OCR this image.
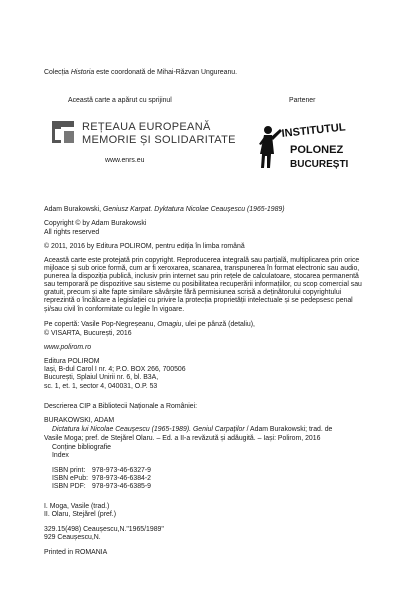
Colecția Historia este coordonată de Mihai-Răzvan Ungureanu.
Această carte a apărut cu sprijinul
REȚEAUA EUROPEANĂ
MEMORIE ȘI SOLIDARITATE
www.enrs.eu
Partener
INSTITUTUL
POLONEZ
BUCUREȘTI
Adam Burakowski, Geniusz Karpat. Dyktatura Nicolae Ceaușescu (1965-1989)
Copyright © by Adam Burakowski
All rights reserved
© 2011, 2016 by Editura POLIROM, pentru ediția în limba română
Această carte este protejată prin copyright. Reproducerea integrală sau parțială, multiplicarea prin orice mijloace și sub orice formă, cum ar fi xeroxarea, scanarea, transpunerea în format electronic sau audio, punerea la dispoziția publică, inclusiv prin internet sau prin rețele de calculatoare, stocarea permanentă sau temporară pe dispozitive sau sisteme cu posibilitatea recuperării informațiilor, cu scop comercial sau gratuit, precum și alte fapte similare săvârșite fără permisiunea scrisă a deținătorului copyrightului reprezintă o încălcare a legislației cu privire la protecția proprietății intelectuale și se pedepsesc penal și/sau civil în conformitate cu legile în vigoare.
Pe copertă: Vasile Pop-Negreșeanu, Omagiu, ulei pe pânză (detaliu),
© VISARTA, București, 2016
www.polirom.ro
Editura POLIROM
Iași, B-dul Carol I nr. 4; P.O. BOX 266, 700506
București, Splaiul Unirii nr. 6, bl. B3A,
sc. 1, et. 1, sector 4, 040031, O.P. 53
Descrierea CIP a Bibliotecii Naționale a României:
BURAKOWSKI, ADAM
Dictatura lui Nicolae Ceaușescu (1965-1989). Geniul Carpaților / Adam Burakowski; trad. de
Vasile Moga; pref. de Stejărel Olaru. – Ed. a II-a revăzută și adăugită. – Iași: Polirom, 2016
Conține bibliografie
Index
ISBN print: 978-973-46-6327-9
ISBN ePub: 978-973-46-6384-2
ISBN PDF: 978-973-46-6385-9
I. Moga, Vasile (trad.)
II. Olaru, Stejărel (pref.)
329.15(498) Ceaușescu,N."1965/1989"
929 Ceaușescu,N.
Printed in ROMANIA
